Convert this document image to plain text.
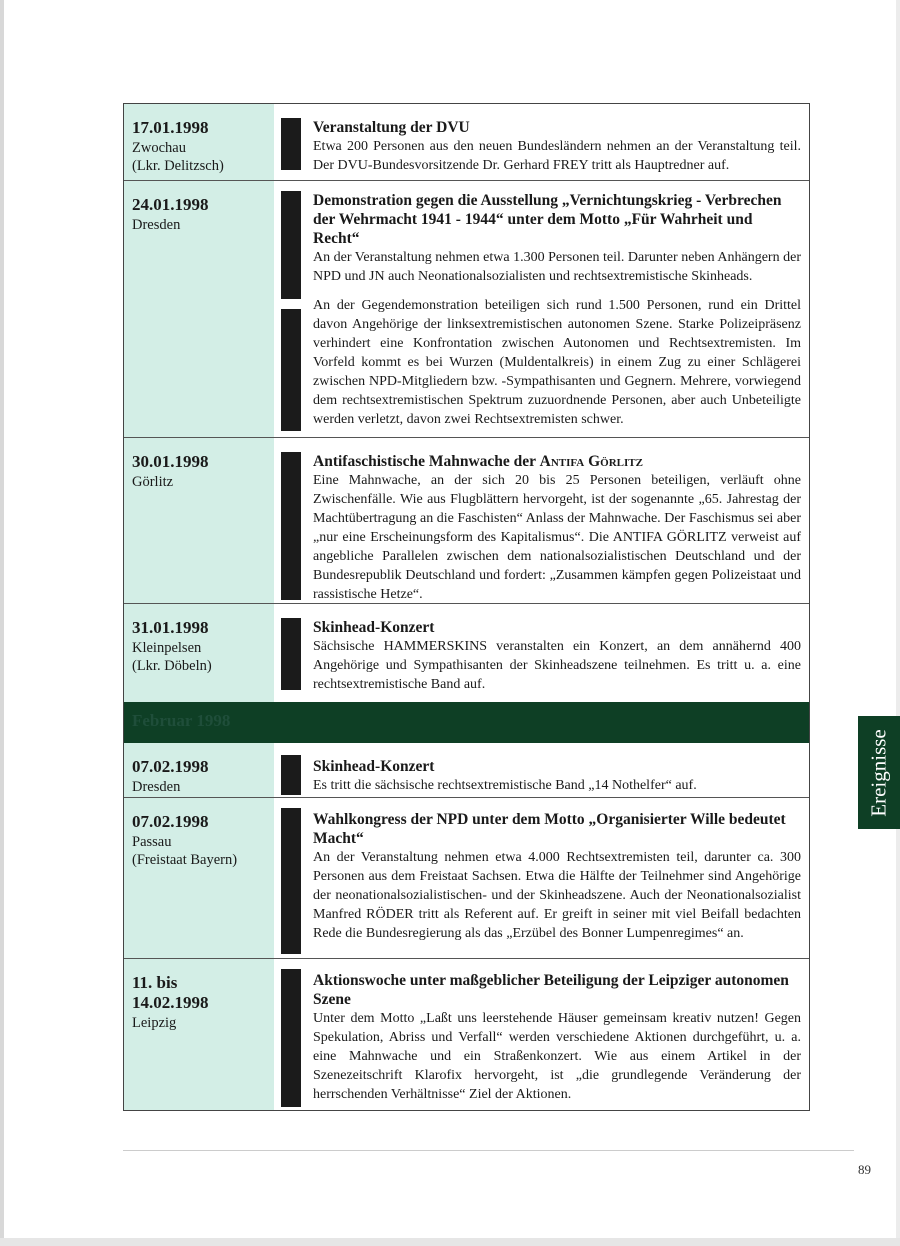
17.01.1998
Zwochau
(Lkr. Delitzsch)

Veranstaltung der DVU

Etwa 200 Personen aus den neuen Bundesländern nehmen an der Veranstaltung teil. Der DVU-Bundesvorsitzende Dr. Gerhard FREY tritt als Hauptredner auf.

24.01.1998
Dresden

Demonstration gegen die Ausstellung „Vernichtungskrieg - Verbrechen der Wehrmacht 1941 - 1944“ unter dem Motto „Für Wahrheit und Recht“

An der Veranstaltung nehmen etwa 1.300 Personen teil. Darunter neben Anhängern der NPD und JN auch Neonationalsozialisten und rechtsextremistische Skinheads.

An der Gegendemonstration beteiligen sich rund 1.500 Personen, rund ein Drittel davon Angehörige der linksextremistischen autonomen Szene. Starke Polizeipräsenz verhindert eine Konfrontation zwischen Autonomen und Rechtsextremisten. Im Vorfeld kommt es bei Wurzen (Muldentalkreis) in einem Zug zu einer Schlägerei zwischen NPD-Mitgliedern bzw. -Sympathisanten und Gegnern. Mehrere, vorwiegend dem rechtsextremistischen Spektrum zuzuordnende Personen, aber auch Unbeteiligte werden verletzt, davon zwei Rechtsextremisten schwer.

30.01.1998
Görlitz

Antifaschistische Mahnwache der Antifa Görlitz

Eine Mahnwache, an der sich 20 bis 25 Personen beteiligen, verläuft ohne Zwischenfälle. Wie aus Flugblättern hervorgeht, ist der sogenannte „65. Jahrestag der Machtübertragung an die Faschisten“ Anlass der Mahnwache. Der Faschismus sei aber „nur eine Erscheinungsform des Kapitalismus“. Die ANTIFA GÖRLITZ verweist auf angebliche Parallelen zwischen dem nationalsozialistischen Deutschland und der Bundesrepublik Deutschland und fordert: „Zusammen kämpfen gegen Polizeistaat und rassistische Hetze“.

31.01.1998
Kleinpelsen
(Lkr. Döbeln)

Skinhead-Konzert

Sächsische HAMMERSKINS veranstalten ein Konzert, an dem annähernd 400 Angehörige und Sympathisanten der Skinheadszene teilnehmen. Es tritt u. a. eine rechtsextremistische Band auf.

Februar 1998
07.02.1998
Dresden

Skinhead-Konzert

Es tritt die sächsische rechtsextremistische Band „14 Nothelfer“ auf.

07.02.1998
Passau
(Freistaat Bayern)

Wahlkongress der NPD unter dem Motto „Organisierter Wille bedeutet Macht“

An der Veranstaltung nehmen etwa 4.000 Rechtsextremisten teil, darunter ca. 300 Personen aus dem Freistaat Sachsen. Etwa die Hälfte der Teilnehmer sind Angehörige der neonationalsozialistischen- und der Skinheadszene. Auch der Neonationalsozialist Manfred RÖDER tritt als Referent auf. Er greift in seiner mit viel Beifall bedachten Rede die Bundesregierung als das „Erzübel des Bonner Lumpenregimes“ an.

11. bis
14.02.1998
Leipzig

Aktionswoche unter maßgeblicher Beteiligung der Leipziger autonomen Szene

Unter dem Motto „Laßt uns leerstehende Häuser gemeinsam kreativ nutzen! Gegen Spekulation, Abriss und Verfall“ werden verschiedene Aktionen durchgeführt, u. a. eine Mahnwache und ein Straßenkonzert. Wie aus einem Artikel in der Szenezeitschrift Klarofix hervorgeht, ist „die grundlegende Veränderung der herrschenden Verhältnisse“ Ziel der Aktionen.

Ereignisse
89
